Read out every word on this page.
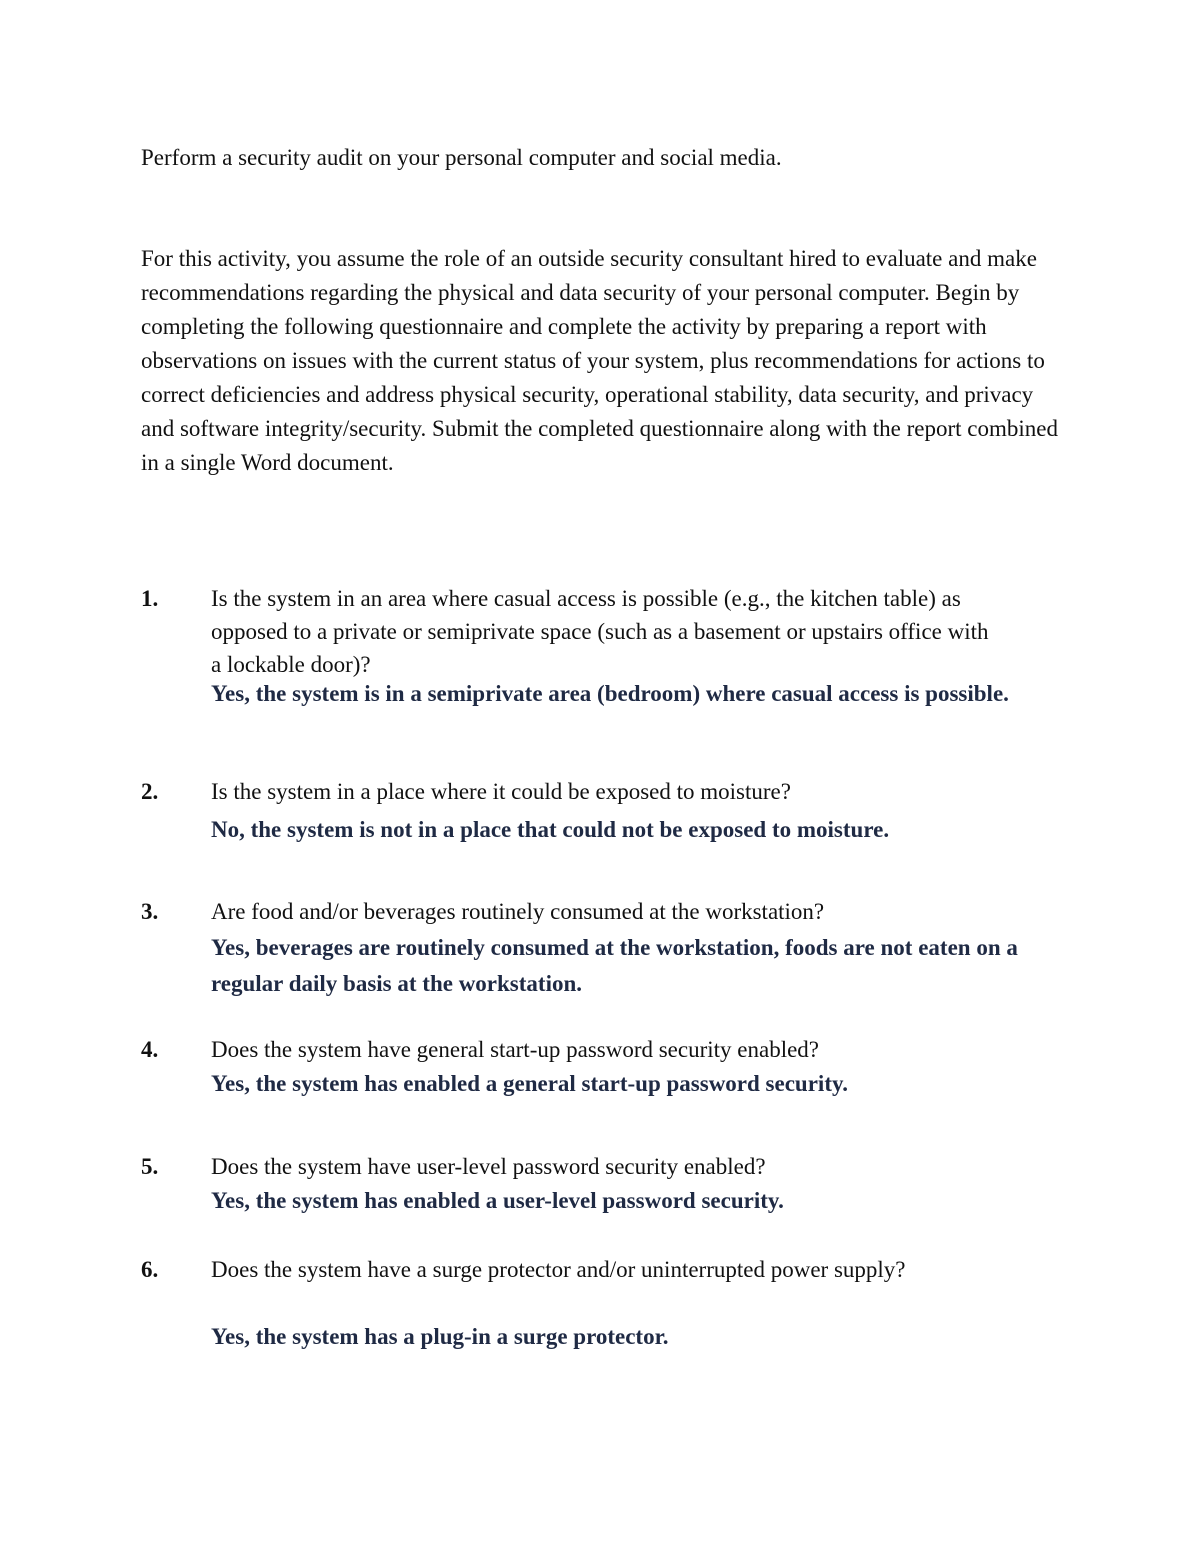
Perform a security audit on your personal computer and social media.
For this activity, you assume the role of an outside security consultant hired to evaluate and make recommendations regarding the physical and data security of your personal computer. Begin by completing the following questionnaire and complete the activity by preparing a report with observations on issues with the current status of your system, plus recommendations for actions to correct deficiencies and address physical security, operational stability, data security, and privacy and software integrity/security. Submit the completed questionnaire along with the report combined in a single Word document.
1. Is the system in an area where casual access is possible (e.g., the kitchen table) as opposed to a private or semiprivate space (such as a basement or upstairs office with a lockable door)?
Yes, the system is in a semiprivate area (bedroom) where casual access is possible.
2. Is the system in a place where it could be exposed to moisture?
No, the system is not in a place that could not be exposed to moisture.
3. Are food and/or beverages routinely consumed at the workstation?
Yes, beverages are routinely consumed at the workstation, foods are not eaten on a regular daily basis at the workstation.
4. Does the system have general start-up password security enabled?
Yes, the system has enabled a general start-up password security.
5. Does the system have user-level password security enabled?
Yes, the system has enabled a user-level password security.
6. Does the system have a surge protector and/or uninterrupted power supply?
Yes, the system has a plug-in a surge protector.
